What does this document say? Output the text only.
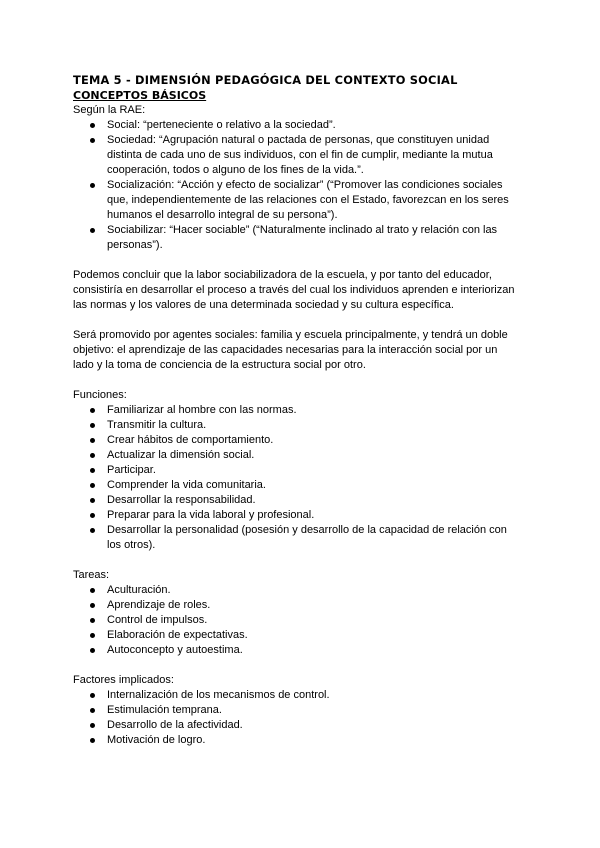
TEMA 5 - DIMENSIÓN PEDAGÓGICA DEL CONTEXTO SOCIAL
CONCEPTOS BÁSICOS

Según la RAE:

Social: “perteneciente o relativo a la sociedad”.
Sociedad: “Agrupación natural o pactada de personas, que constituyen unidad distinta de cada uno de sus individuos, con el fin de cumplir, mediante la mutua cooperación, todos o alguno de los fines de la vida.”.
Socialización: “Acción y efecto de socializar” (“Promover las condiciones sociales que, independientemente de las relaciones con el Estado, favorezcan en los seres humanos el desarrollo integral de su persona”).
Sociabilizar: “Hacer sociable” (“Naturalmente inclinado al trato y relación con las personas”).

Podemos concluir que la labor sociabilizadora de la escuela, y por tanto del educador, consistiría en desarrollar el proceso a través del cual los individuos aprenden e interiorizan las normas y los valores de una determinada sociedad y su cultura específica.

Será promovido por agentes sociales: familia y escuela principalmente, y tendrá un doble objetivo: el aprendizaje de las capacidades necesarias para la interacción social por un lado y la toma de conciencia de la estructura social por otro.

Funciones:

Familiarizar al hombre con las normas.
Transmitir la cultura.
Crear hábitos de comportamiento.
Actualizar la dimensión social.
Participar.
Comprender la vida comunitaria.
Desarrollar la responsabilidad.
Preparar para la vida laboral y profesional.
Desarrollar la personalidad (posesión y desarrollo de la capacidad de relación con los otros).

Tareas:

Aculturación.
Aprendizaje de roles.
Control de impulsos.
Elaboración de expectativas.
Autoconcepto y autoestima.

Factores implicados:

Internalización de los mecanismos de control.
Estimulación temprana.
Desarrollo de la afectividad.
Motivación de logro.
